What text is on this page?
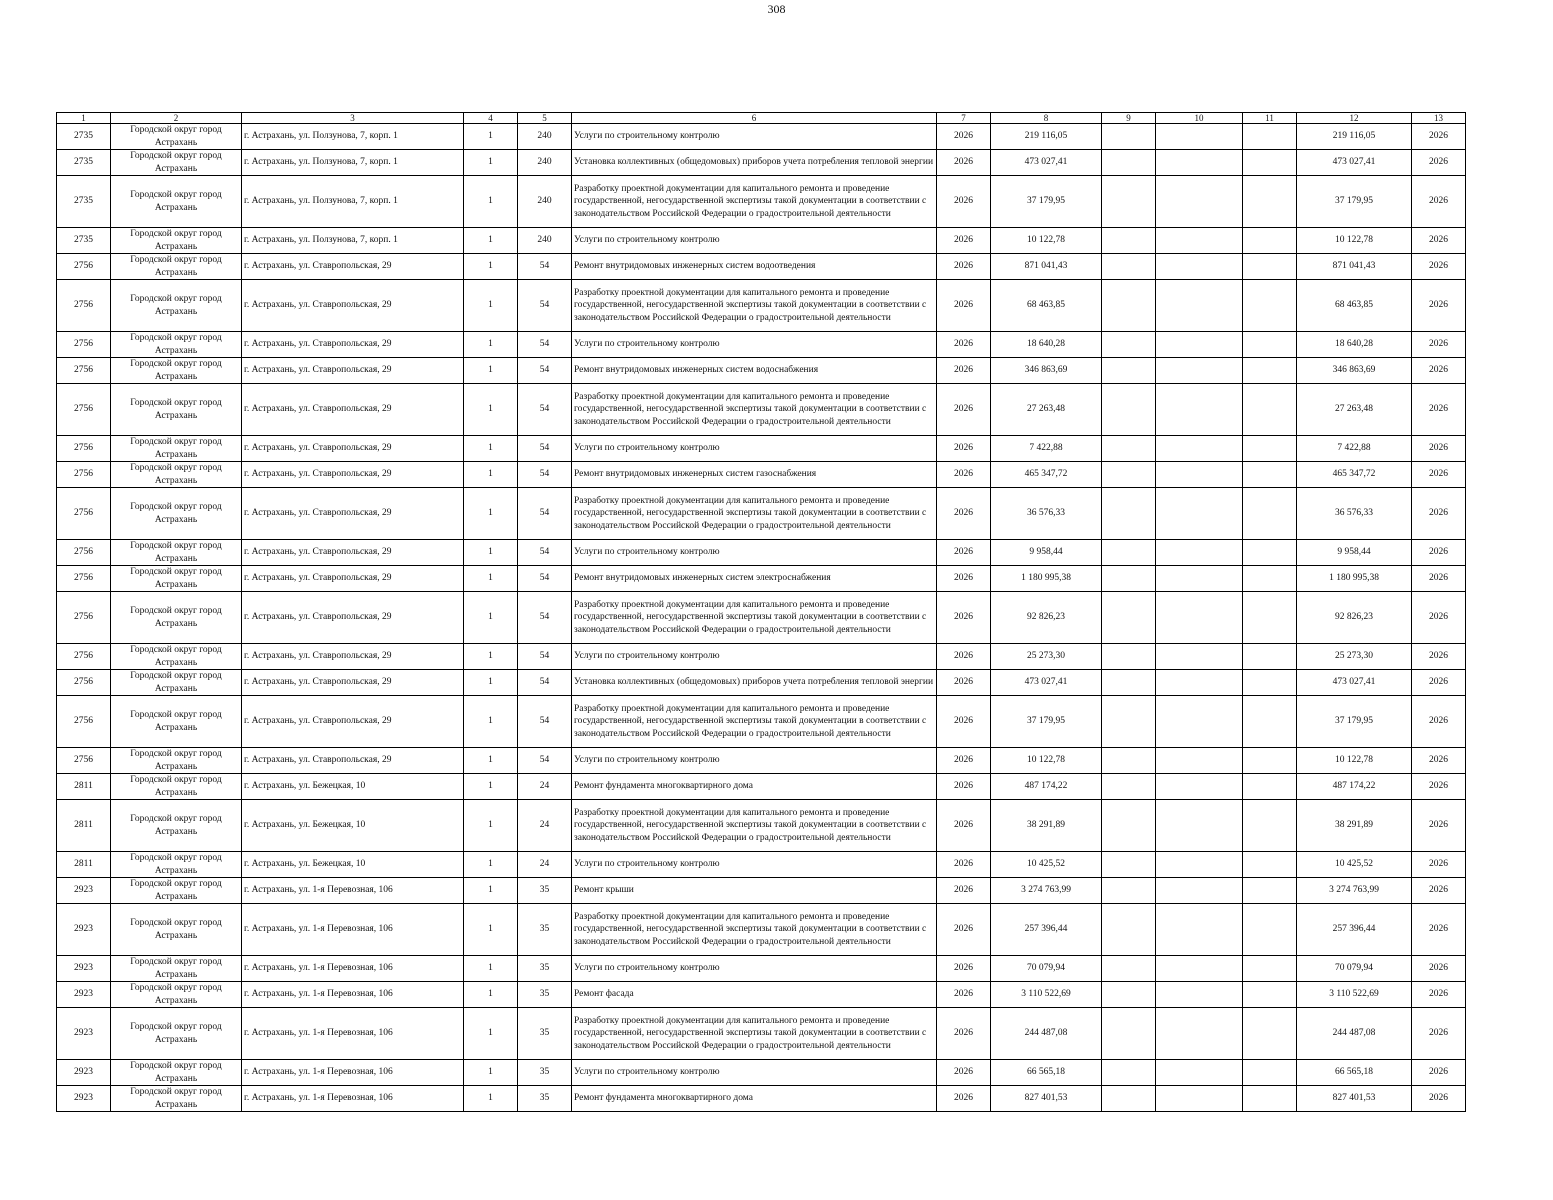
308
1	2	3	4	5	6	7	8	9	10	11	12	13

2735	Городской округ город Астрахань	г. Астрахань, ул. Ползунова, 7, корп. 1	1	240	Услуги по строительному контролю	2026	219 116,05				219 116,05	2026

2735	Городской округ город Астрахань	г. Астрахань, ул. Ползунова, 7, корп. 1	1	240	Установка коллективных (общедомовых) приборов учета потребления тепловой энергии	2026	473 027,41				473 027,41	2026

2735	Городской округ город Астрахань	г. Астрахань, ул. Ползунова, 7, корп. 1	1	240	Разработку проектной документации для капитального ремонта и проведение государственной, негосударственной экспертизы такой документации в соответствии с законодательством Российской Федерации о градостроительной деятельности	2026	37 179,95				37 179,95	2026

2735	Городской округ город Астрахань	г. Астрахань, ул. Ползунова, 7, корп. 1	1	240	Услуги по строительному контролю	2026	10 122,78				10 122,78	2026

2756	Городской округ город Астрахань	г. Астрахань, ул. Ставропольская, 29	1	54	Ремонт внутридомовых инженерных систем водоотведения	2026	871 041,43				871 041,43	2026

2756	Городской округ город Астрахань	г. Астрахань, ул. Ставропольская, 29	1	54	Разработку проектной документации для капитального ремонта и проведение государственной, негосударственной экспертизы такой документации в соответствии с законодательством Российской Федерации о градостроительной деятельности	2026	68 463,85				68 463,85	2026

2756	Городской округ город Астрахань	г. Астрахань, ул. Ставропольская, 29	1	54	Услуги по строительному контролю	2026	18 640,28				18 640,28	2026

2756	Городской округ город Астрахань	г. Астрахань, ул. Ставропольская, 29	1	54	Ремонт внутридомовых инженерных систем водоснабжения	2026	346 863,69				346 863,69	2026

2756	Городской округ город Астрахань	г. Астрахань, ул. Ставропольская, 29	1	54	Разработку проектной документации для капитального ремонта и проведение государственной, негосударственной экспертизы такой документации в соответствии с законодательством Российской Федерации о градостроительной деятельности	2026	27 263,48				27 263,48	2026

2756	Городской округ город Астрахань	г. Астрахань, ул. Ставропольская, 29	1	54	Услуги по строительному контролю	2026	7 422,88				7 422,88	2026

2756	Городской округ город Астрахань	г. Астрахань, ул. Ставропольская, 29	1	54	Ремонт внутридомовых инженерных систем газоснабжения	2026	465 347,72				465 347,72	2026

2756	Городской округ город Астрахань	г. Астрахань, ул. Ставропольская, 29	1	54	Разработку проектной документации для капитального ремонта и проведение государственной, негосударственной экспертизы такой документации в соответствии с законодательством Российской Федерации о градостроительной деятельности	2026	36 576,33				36 576,33	2026

2756	Городской округ город Астрахань	г. Астрахань, ул. Ставропольская, 29	1	54	Услуги по строительному контролю	2026	9 958,44				9 958,44	2026

2756	Городской округ город Астрахань	г. Астрахань, ул. Ставропольская, 29	1	54	Ремонт внутридомовых инженерных систем электроснабжения	2026	1 180 995,38				1 180 995,38	2026

2756	Городской округ город Астрахань	г. Астрахань, ул. Ставропольская, 29	1	54	Разработку проектной документации для капитального ремонта и проведение государственной, негосударственной экспертизы такой документации в соответствии с законодательством Российской Федерации о градостроительной деятельности	2026	92 826,23				92 826,23	2026

2756	Городской округ город Астрахань	г. Астрахань, ул. Ставропольская, 29	1	54	Услуги по строительному контролю	2026	25 273,30				25 273,30	2026

2756	Городской округ город Астрахань	г. Астрахань, ул. Ставропольская, 29	1	54	Установка коллективных (общедомовых) приборов учета потребления тепловой энергии	2026	473 027,41				473 027,41	2026

2756	Городской округ город Астрахань	г. Астрахань, ул. Ставропольская, 29	1	54	Разработку проектной документации для капитального ремонта и проведение государственной, негосударственной экспертизы такой документации в соответствии с законодательством Российской Федерации о градостроительной деятельности	2026	37 179,95				37 179,95	2026

2756	Городской округ город Астрахань	г. Астрахань, ул. Ставропольская, 29	1	54	Услуги по строительному контролю	2026	10 122,78				10 122,78	2026

2811	Городской округ город Астрахань	г. Астрахань, ул. Бежецкая, 10	1	24	Ремонт фундамента многоквартирного дома	2026	487 174,22				487 174,22	2026

2811	Городской округ город Астрахань	г. Астрахань, ул. Бежецкая, 10	1	24	Разработку проектной документации для капитального ремонта и проведение государственной, негосударственной экспертизы такой документации в соответствии с законодательством Российской Федерации о градостроительной деятельности	2026	38 291,89				38 291,89	2026

2811	Городской округ город Астрахань	г. Астрахань, ул. Бежецкая, 10	1	24	Услуги по строительному контролю	2026	10 425,52				10 425,52	2026

2923	Городской округ город Астрахань	г. Астрахань, ул. 1-я Перевозная, 106	1	35	Ремонт крыши	2026	3 274 763,99				3 274 763,99	2026

2923	Городской округ город Астрахань	г. Астрахань, ул. 1-я Перевозная, 106	1	35	Разработку проектной документации для капитального ремонта и проведение государственной, негосударственной экспертизы такой документации в соответствии с законодательством Российской Федерации о градостроительной деятельности	2026	257 396,44				257 396,44	2026

2923	Городской округ город Астрахань	г. Астрахань, ул. 1-я Перевозная, 106	1	35	Услуги по строительному контролю	2026	70 079,94				70 079,94	2026

2923	Городской округ город Астрахань	г. Астрахань, ул. 1-я Перевозная, 106	1	35	Ремонт фасада	2026	3 110 522,69				3 110 522,69	2026

2923	Городской округ город Астрахань	г. Астрахань, ул. 1-я Перевозная, 106	1	35	Разработку проектной документации для капитального ремонта и проведение государственной, негосударственной экспертизы такой документации в соответствии с законодательством Российской Федерации о градостроительной деятельности	2026	244 487,08				244 487,08	2026

2923	Городской округ город Астрахань	г. Астрахань, ул. 1-я Перевозная, 106	1	35	Услуги по строительному контролю	2026	66 565,18				66 565,18	2026

2923	Городской округ город Астрахань	г. Астрахань, ул. 1-я Перевозная, 106	1	35	Ремонт фундамента многоквартирного дома	2026	827 401,53				827 401,53	2026
